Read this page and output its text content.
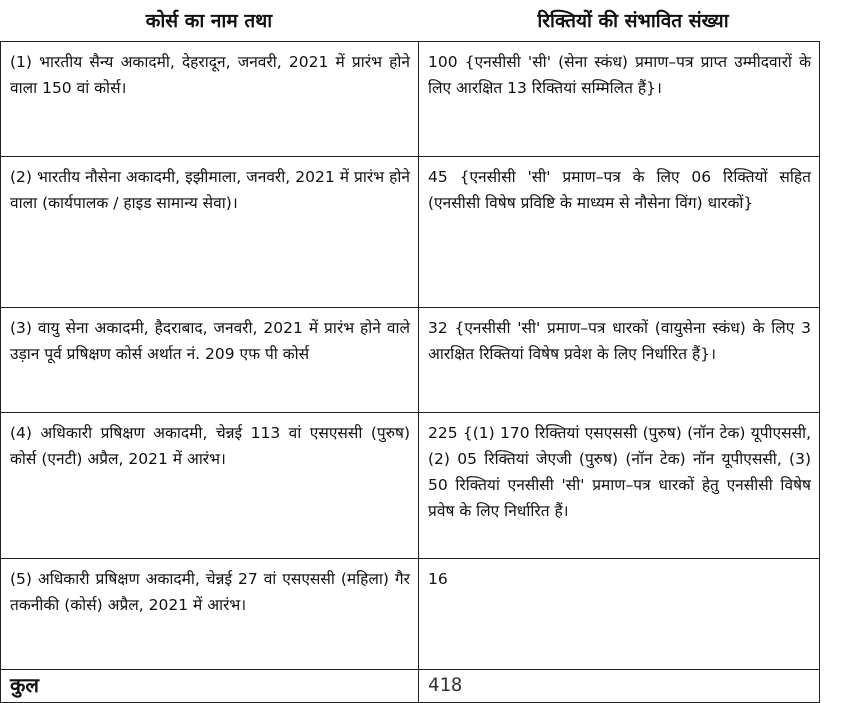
कोर्स का नाम तथा	रिक्तियों की संभावित संख्या
(1) भारतीय सैन्य अकादमी, देहरादून, जनवरी, 2021 में प्रारंभ होने वाला 150 वां कोर्स।	100 {एनसीसी 'सी' (सेना स्कंध) प्रमाण–पत्र प्राप्त उम्मीदवारों के लिए आरक्षित 13 रिक्तियां सम्मिलित हैं}।
(2) भारतीय नौसेना अकादमी, इझीमाला, जनवरी, 2021 में प्रारंभ होने वाला (कार्यपालक / हाइड सामान्य सेवा)।	45 {एनसीसी 'सी' प्रमाण–पत्र के लिए 06 रिक्तियों सहित (एनसीसी विषेष प्रविष्टि के माध्यम से नौसेना विंग) धारकों}
(3) वायु सेना अकादमी, हैदराबाद, जनवरी, 2021 में प्रारंभ होने वाले उड़ान पूर्व प्रषिक्षण कोर्स अर्थात नं. 209 एफ पी कोर्स	32 {एनसीसी 'सी' प्रमाण–पत्र धारकों (वायुसेना स्कंध) के लिए 3 आरक्षित रिक्तियां विषेष प्रवेश के लिए निर्धारित हैं}।
(4) अधिकारी प्रषिक्षण अकादमी, चेन्नई 113 वां एसएससी (पुरुष) कोर्स (एनटी) अप्रैल, 2021 में आरंभ।	225 {(1) 170 रिक्तियां एसएससी (पुरुष) (नॉन टेक) यूपीएससी, (2) 05 रिक्तियां जेएजी (पुरुष) (नॉन टेक) नॉन यूपीएससी, (3) 50 रिक्तियां एनसीसी 'सी' प्रमाण–पत्र धारकों हेतु एनसीसी विषेष प्रवेष के लिए निर्धारित हैं।
(5) अधिकारी प्रषिक्षण अकादमी, चेन्नई 27 वां एसएससी (महिला) गैर तकनीकी (कोर्स) अप्रैल, 2021 में आरंभ।	16
कुल	418
